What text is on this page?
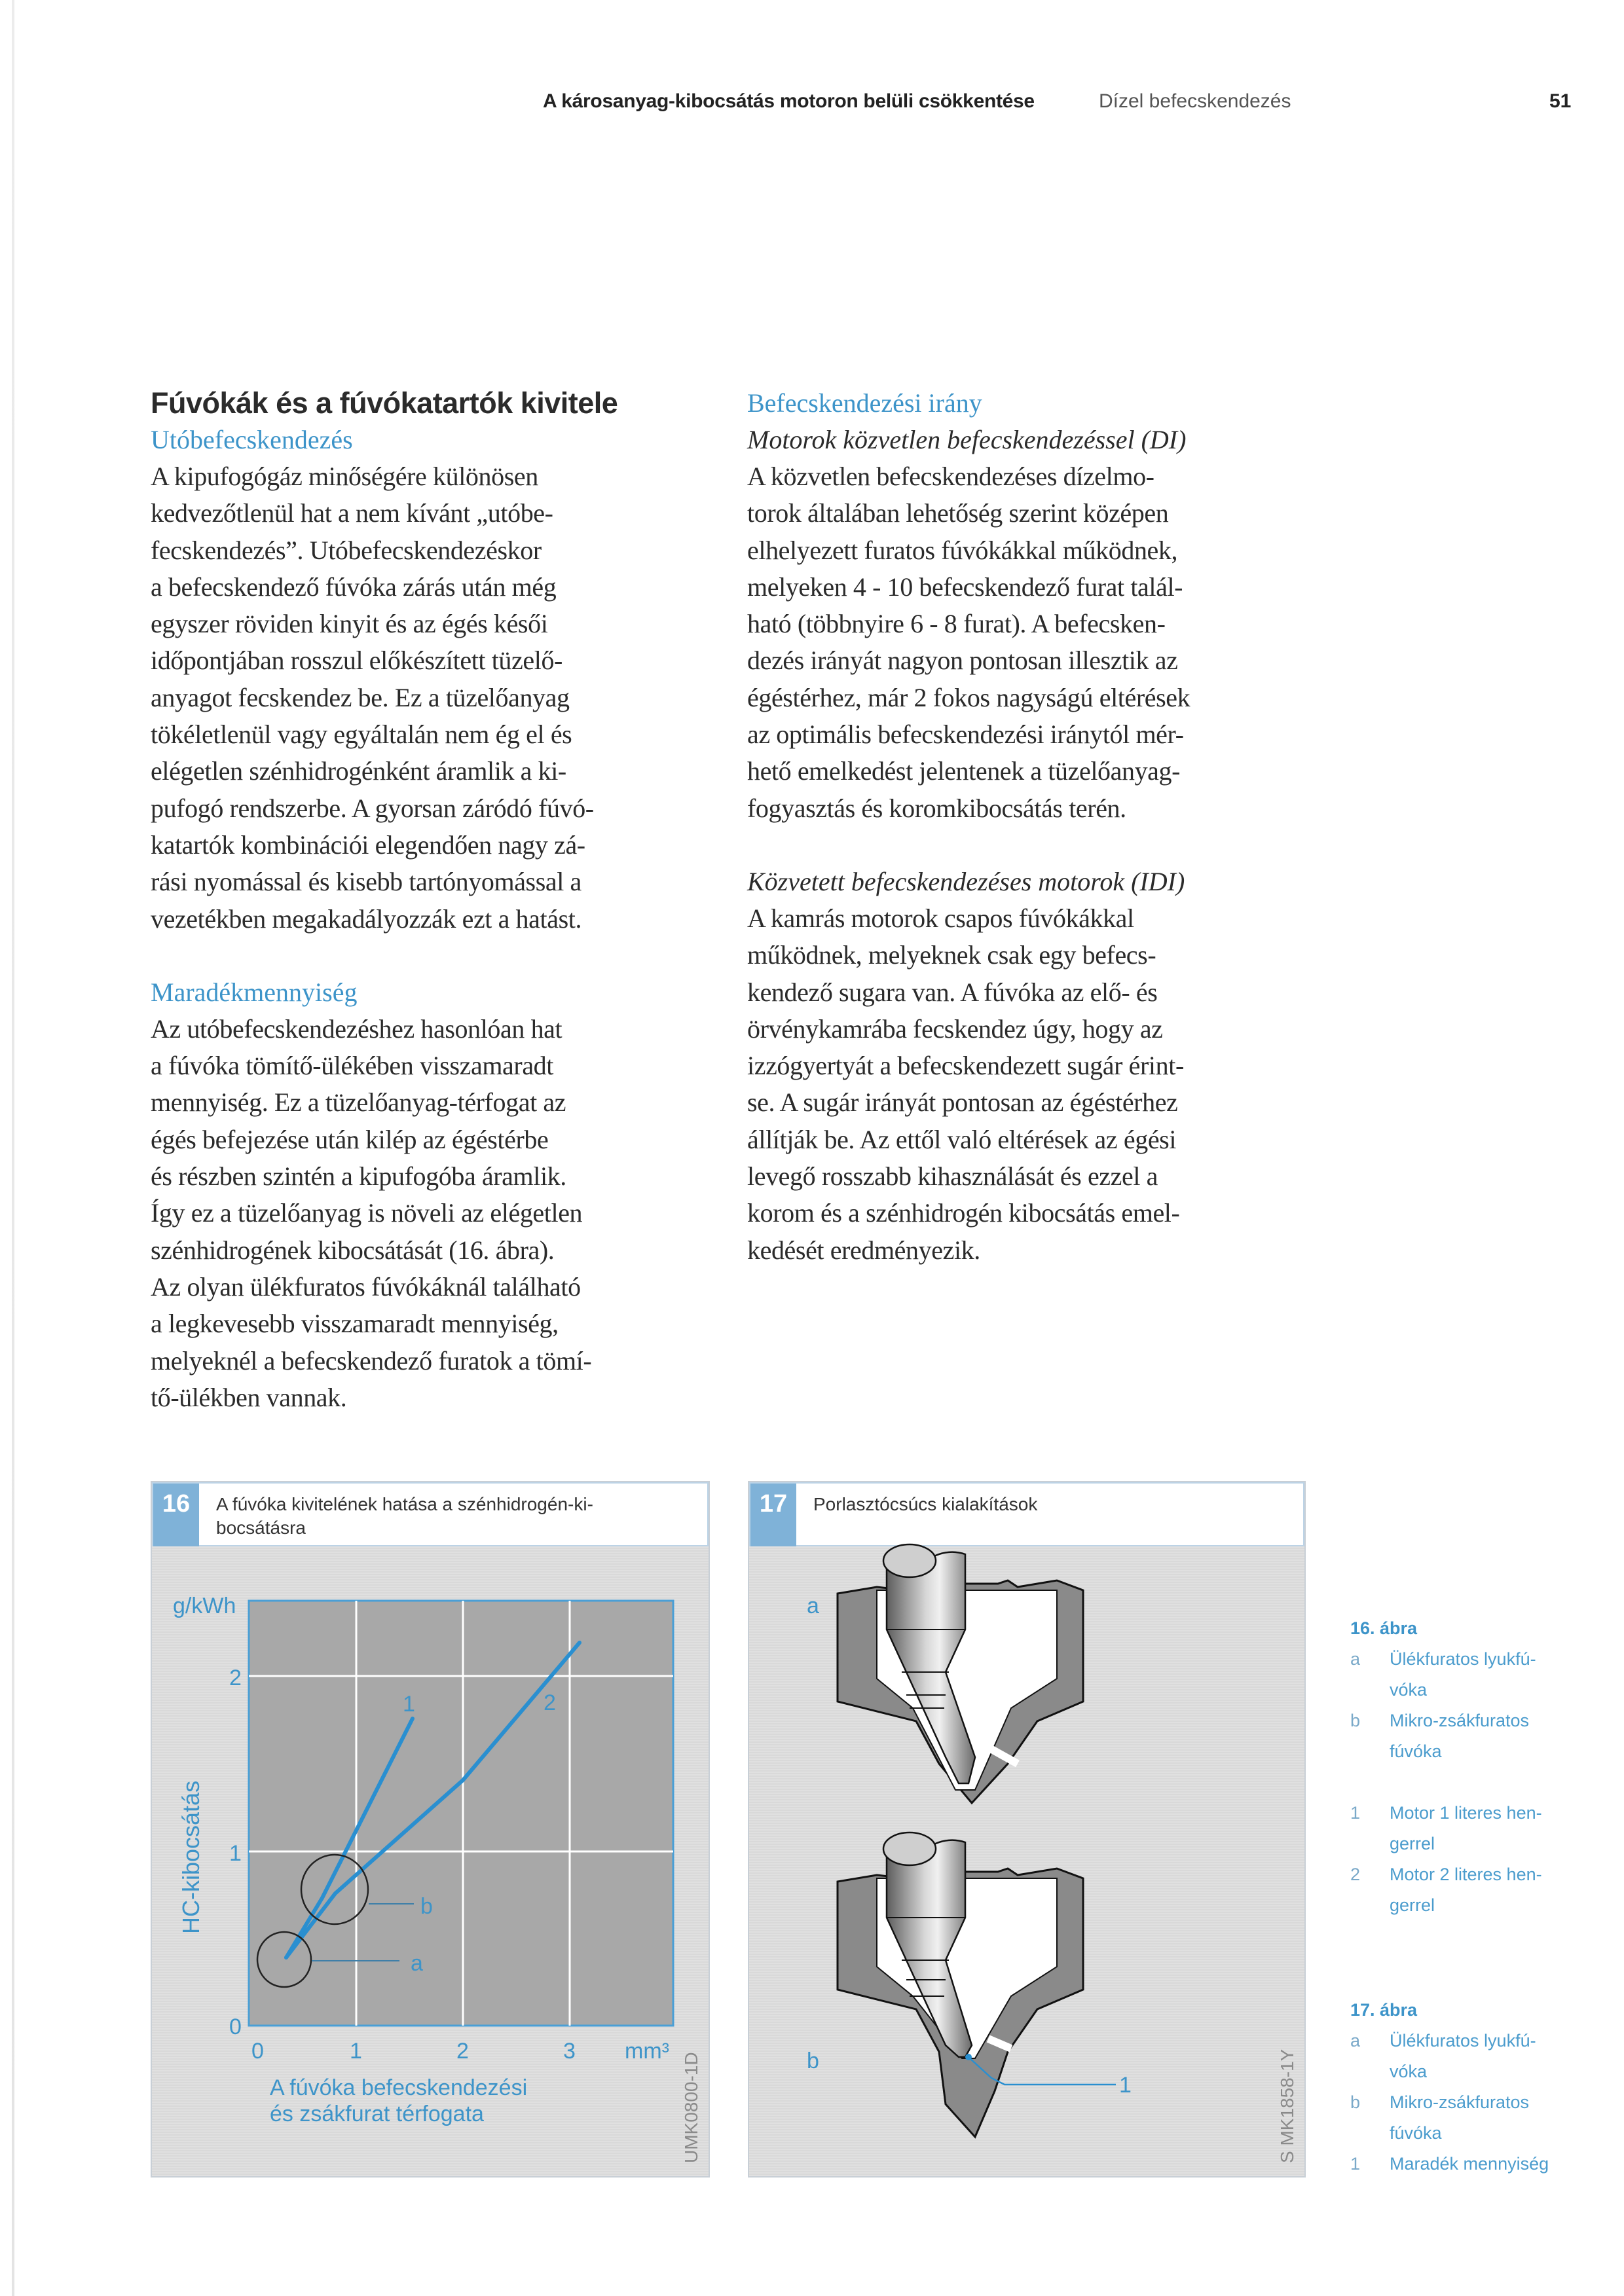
A károsanyag-kibocsátás motoron belüli csökkentése	Dízel befecskendezés	51
Fúvókák és a fúvókatartók kivitele
Utóbefecskendezés

A kipufogógáz minőségére különösen

kedvezőtlenül hat a nem kívánt „utóbe-

fecskendezés”. Utóbefecskendezéskor

a befecskendező fúvóka zárás után még

egyszer röviden kinyit és az égés késői

időpontjában rosszul előkészített tüzelő-

anyagot fecskendez be. Ez a tüzelőanyag

tökéletlenül vagy egyáltalán nem ég el és

elégetlen szénhidrogénként áramlik a ki-

pufogó rendszerbe. A gyorsan záródó fúvó-

katartók kombinációi elegendően nagy zá-

rási nyomással és kisebb tartónyomással a

vezetékben megakadályozzák ezt a hatást.

Maradékmennyiség

Az utóbefecskendezéshez hasonlóan hat

a fúvóka tömítő-ülékében visszamaradt

mennyiség. Ez a tüzelőanyag-térfogat az

égés befejezése után kilép az égéstérbe

és részben szintén a kipufogóba áramlik.

Így ez a tüzelőanyag is növeli az elégetlen

szénhidrogének kibocsátását (16. ábra).

Az olyan ülékfuratos fúvókáknál található

a legkevesebb visszamaradt mennyiség,

melyeknél a befecskendező furatok a tömí-

tő-ülékben vannak.

Befecskendezési irány
Motorok közvetlen befecskendezéssel (DI)

A közvetlen befecskendezéses dízelmo-

torok általában lehetőség szerint középen

elhelyezett furatos fúvókákkal működnek,

melyeken 4 - 10 befecskendező furat talál-

ható (többnyire 6 - 8 furat). A befecsken-

dezés irányát nagyon pontosan illesztik az

égéstérhez, már 2 fokos nagyságú eltérések

az optimális befecskendezési iránytól mér-

hető emelkedést jelentenek a tüzelőanyag-

fogyasztás és koromkibocsátás terén.

Közvetett befecskendezéses motorok (IDI)

A kamrás motorok csapos fúvókákkal

működnek, melyeknek csak egy befecs-

kendező sugara van. A fúvóka az elő- és

örvénykamrába fecskendez úgy, hogy az

izzógyertyát a befecskendezett sugár érint-

se. A sugár irányát pontosan az égéstérhez

állítják be. Az ettől való eltérések az égési

levegő rosszabb kihasználását és ezzel a

korom és a szénhidrogén kibocsátás emel-

kedését eredményezik.

16	A fúvóka kivitelének hatása a szénhidrogén-ki-
bocsátásra
a
b
1	2
0
1
2
g/kWh
HC-kibocsátás
0	1	2	3 mm³
A fúvóka befecskendezési
és zsákfurat térfogata	UMK0800-1D
17	Porlasztócsúcs kialakítások
a
b
1	S MK1858-1Y
16. ábra
a	Ülékfuratos lyukfú-
vóka
b	Mikro-zsákfuratos
fúvóka
1	Motor 1 literes hen-
gerrel
2	Motor 2 literes hen-
gerrel
17. ábra
a	Ülékfuratos lyukfú-
vóka
b	Mikro-zsákfuratos
fúvóka
1	Maradék mennyiség
